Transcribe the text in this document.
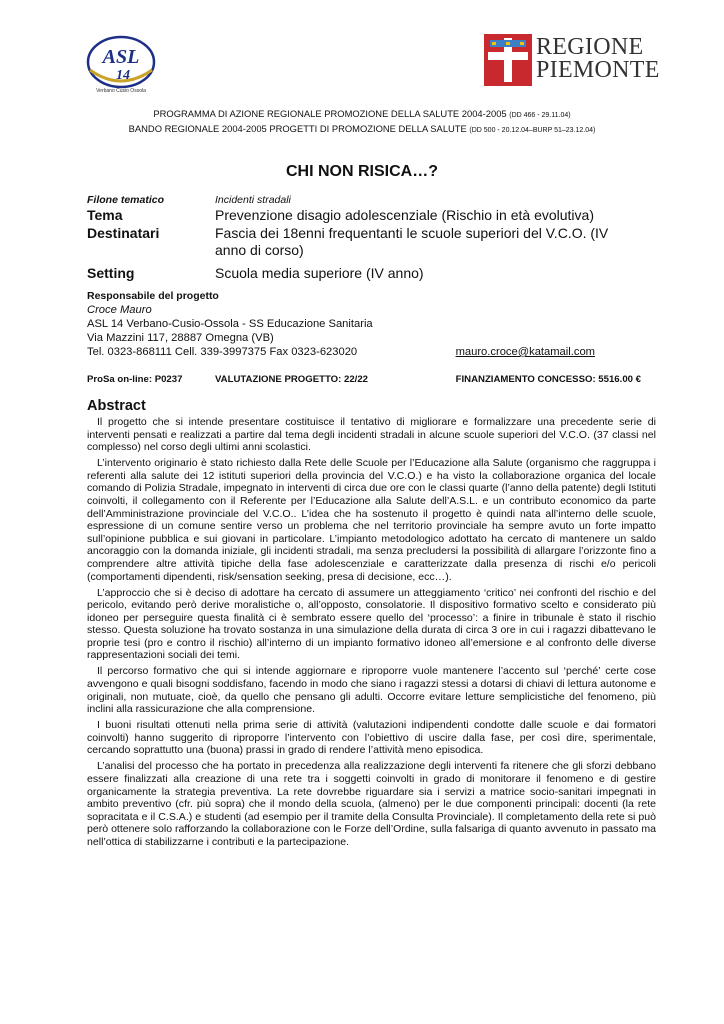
ASL
14
Verbano Cusio Ossola
REGIONE
PIEMONTE
PROGRAMMA DI AZIONE REGIONALE PROMOZIONE DELLA SALUTE 2004-2005 (DD 466 - 29.11.04)
BANDO REGIONALE 2004-2005 PROGETTI DI PROMOZIONE DELLA SALUTE (DD 500 - 20.12.04–BURP 51–23.12.04)
CHI NON RISICA…?
Filone tematico	Incidenti stradali
Tema	Prevenzione disagio adolescenziale (Rischio in età evolutiva)
Destinatari	Fascia dei 18enni frequentanti le scuole superiori del V.C.O. (IV anno di corso)
Setting	Scuola media superiore (IV anno)
Responsabile del progetto
Croce Mauro
ASL 14 Verbano-Cusio-Ossola - SS Educazione Sanitaria
Via Mazzini 117, 28887 Omegna (VB)
Tel. 0323-868111 Cell. 339-3997375 Fax 0323-623020	mauro.croce@katamail.com
ProSa on-line: P0237	VALUTAZIONE PROGETTO: 22/22	FINANZIAMENTO CONCESSO: 5516.00 €
Abstract

Il progetto che si intende presentare costituisce il tentativo di migliorare e formalizzare una precedente serie di interventi pensati e realizzati a partire dal tema degli incidenti stradali in alcune scuole superiori del V.C.O. (37 classi nel complesso) nel corso degli ultimi anni scolastici.

L’intervento originario è stato richiesto dalla Rete delle Scuole per l’Educazione alla Salute (organismo che raggruppa i referenti alla salute dei 12 istituti superiori della provincia del V.C.O.) e ha visto la collaborazione organica del locale comando di Polizia Stradale, impegnato in interventi di circa due ore con le classi quarte (l’anno della patente) degli Istituti coinvolti, il collegamento con il Referente per l’Educazione alla Salute dell’A.S.L. e un contributo economico da parte dell’Amministrazione provinciale del V.C.O.. L’idea che ha sostenuto il progetto è quindi nata all’interno delle scuole, espressione di un comune sentire verso un problema che nel territorio provinciale ha sempre avuto un forte impatto sull’opinione pubblica e sui giovani in particolare. L’impianto metodologico adottato ha cercato di mantenere un saldo ancoraggio con la domanda iniziale, gli incidenti stradali, ma senza precludersi la possibilità di allargare l’orizzonte fino a comprendere altre attività tipiche della fase adolescenziale e caratterizzate dalla presenza di rischi e/o pericoli (comportamenti dipendenti, risk/sensation seeking, presa di decisione, ecc…).

L’approccio che si è deciso di adottare ha cercato di assumere un atteggiamento ‘critico’ nei confronti del rischio e del pericolo, evitando però derive moralistiche o, all’opposto, consolatorie. Il dispositivo formativo scelto e considerato più idoneo per perseguire questa finalità ci è sembrato essere quello del ‘processo’: a finire in tribunale è stato il rischio stesso. Questa soluzione ha trovato sostanza in una simulazione della durata di circa 3 ore in cui i ragazzi dibattevano le proprie tesi (pro e contro il rischio) all’interno di un impianto formativo idoneo all’emersione e al confronto delle diverse rappresentazioni sociali dei temi.

Il percorso formativo che qui si intende aggiornare e riproporre vuole mantenere l’accento sul ‘perché’ certe cose avvengono e quali bisogni soddisfano, facendo in modo che siano i ragazzi stessi a dotarsi di chiavi di lettura autonome e originali, non mutuate, cioè, da quello che pensano gli adulti. Occorre evitare letture semplicistiche del fenomeno, più inclini alla rassicurazione che alla comprensione.

I buoni risultati ottenuti nella prima serie di attività (valutazioni indipendenti condotte dalle scuole e dai formatori coinvolti) hanno suggerito di riproporre l’intervento con l’obiettivo di uscire dalla fase, per così dire, sperimentale, cercando soprattutto una (buona) prassi in grado di rendere l’attività meno episodica.

L’analisi del processo che ha portato in precedenza alla realizzazione degli interventi fa ritenere che gli sforzi debbano essere finalizzati alla creazione di una rete tra i soggetti coinvolti in grado di monitorare il fenomeno e di gestire organicamente la strategia preventiva. La rete dovrebbe riguardare sia i servizi a matrice socio-sanitari impegnati in ambito preventivo (cfr. più sopra) che il mondo della scuola, (almeno) per le due componenti principali: docenti (la rete sopracitata e il C.S.A.) e studenti (ad esempio per il tramite della Consulta Provinciale). Il completamento della rete si può però ottenere solo rafforzando la collaborazione con le Forze dell’Ordine, sulla falsariga di quanto avvenuto in passato ma nell’ottica di stabilizzarne i contributi e la partecipazione.
